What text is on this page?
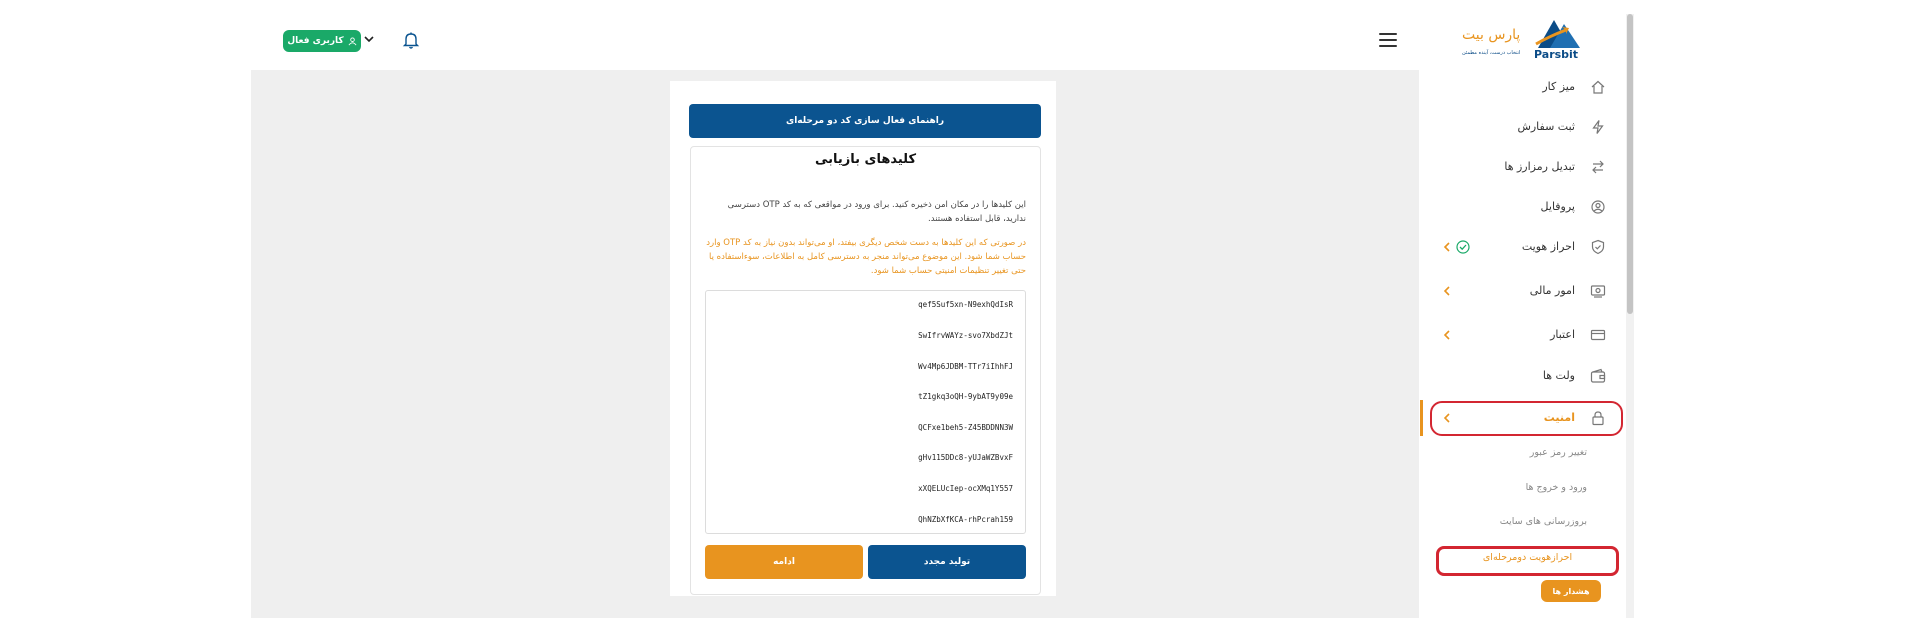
کاربری فعال	پارس بیت
انتخاب درست، آینده مطمئن Parsbit
راهنمای فعال سازی کد دو مرحله‌ای
کلیدهای بازیابی
این کلیدها را در مکان امن ذخیره کنید. برای ورود در مواقعی که به کد OTP دسترسی ندارید، قابل استفاده هستند.
در صورتی که این کلیدها به دست شخص دیگری بیفتد، او می‌تواند بدون نیاز به کد OTP وارد حساب شما شود. این موضوع می‌تواند منجر به دسترسی کامل به اطلاعات، سوءاستفاده یا حتی تغییر تنظیمات امنیتی حساب شما شود.
qef5Suf5xn-N9exhQdIsR
SwIfrvWAYz-svo7XbdZJt
Wv4Mp6JDBM-TTr7iIhhFJ
tZ1gkq3oQH-9ybAT9y09e
QCFxe1beh5-Z45BDDNN3W
gHv115DDc8-yUJaWZBvxF
xXQELUcIep-ocXMq1Y557
QhNZbXfKCA-rhPcrah159
تولید مجدد
ادامه
میز کار
ثبت سفارش
تبدیل رمزارز ها
پروفایل
احراز هویت
امور مالی
اعتبار
ولت ها
امنیت
تغییر رمز عبور
ورود و خروج ها
بروزرسانی های سایت
احرازهویت دومرحله‌ای
هشدار ها
